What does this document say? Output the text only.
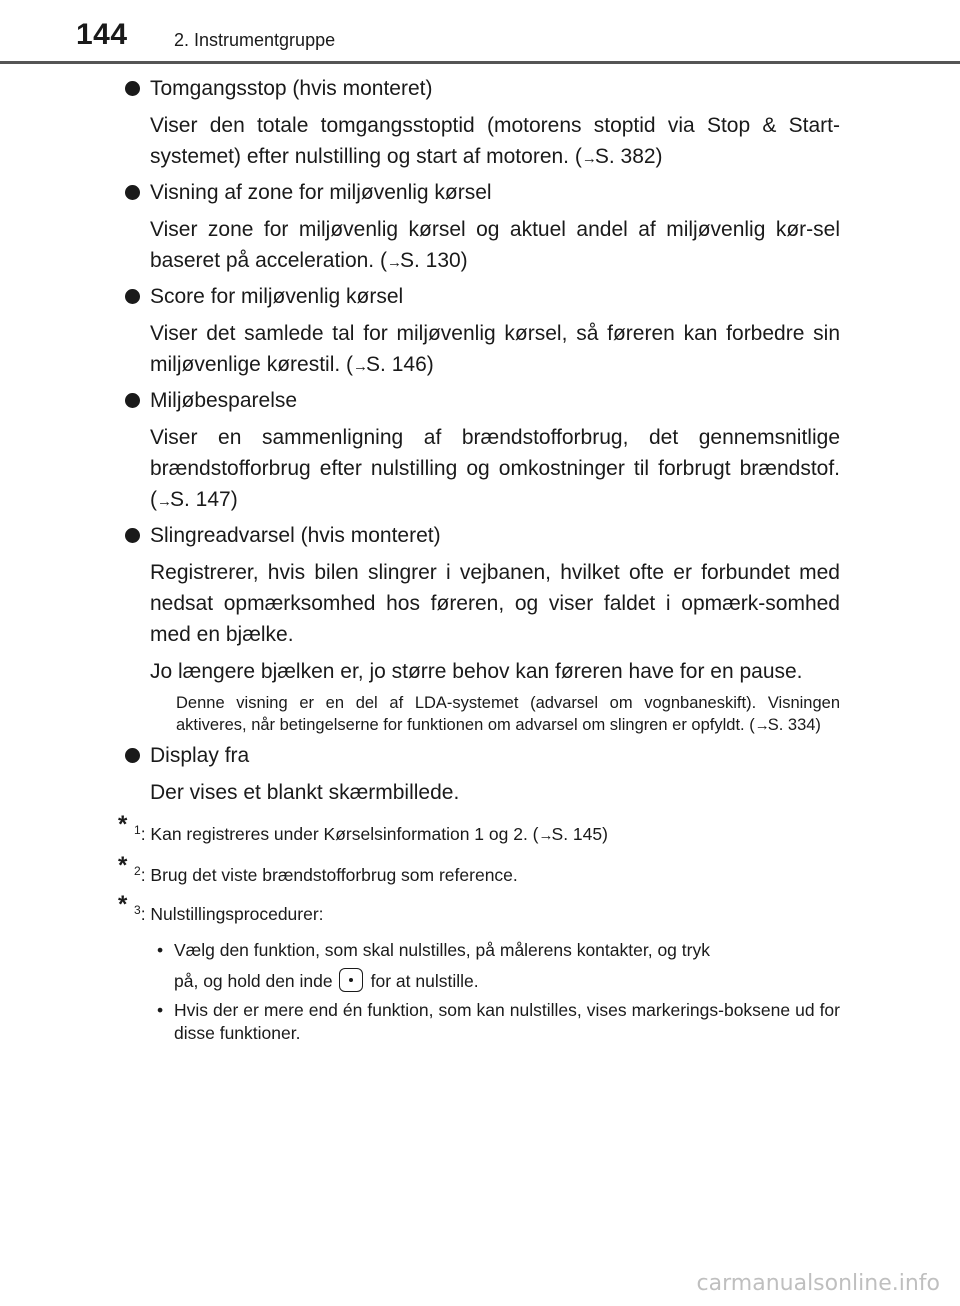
144	2. Instrumentgruppe
Tomgangsstop (hvis monteret)
Viser den totale tomgangsstoptid (motorens stoptid via Stop & Start-systemet) efter nulstilling og start af motoren. (→S. 382)
Visning af zone for miljøvenlig kørsel
Viser zone for miljøvenlig kørsel og aktuel andel af miljøvenlig kør-sel baseret på acceleration. (→S. 130)
Score for miljøvenlig kørsel
Viser det samlede tal for miljøvenlig kørsel, så føreren kan forbedre sin miljøvenlige kørestil. (→S. 146)
Miljøbesparelse
Viser en sammenligning af brændstofforbrug, det gennemsnitlige brændstofforbrug efter nulstilling og omkostninger til forbrugt brændstof. (→S. 147)
Slingreadvarsel (hvis monteret)
Registrerer, hvis bilen slingrer i vejbanen, hvilket ofte er forbundet med nedsat opmærksomhed hos føreren, og viser faldet i opmærk-somhed med en bjælke.
Jo længere bjælken er, jo større behov kan føreren have for en pause.
Denne visning er en del af LDA-systemet (advarsel om vognbaneskift). Visningen aktiveres, når betingelserne for funktionen om advarsel om slingren er opfyldt. (→S. 334)
Display fra
Der vises et blankt skærmbillede.
* $^1$: Kan registreres under Kørselsinformation 1 og 2. (→S. 145)
* $^2$: Brug det viste brændstofforbrug som reference.
* $^3$: Nulstillingsprocedurer:
• Vælg den funktion, som skal nulstilles, på målerens kontakter, og tryk
på, og hold den inde for at nulstille.
• Hvis der er mere end én funktion, som kan nulstilles, vises markerings-boksene ud for disse funktioner.
carmanualsonline.info
